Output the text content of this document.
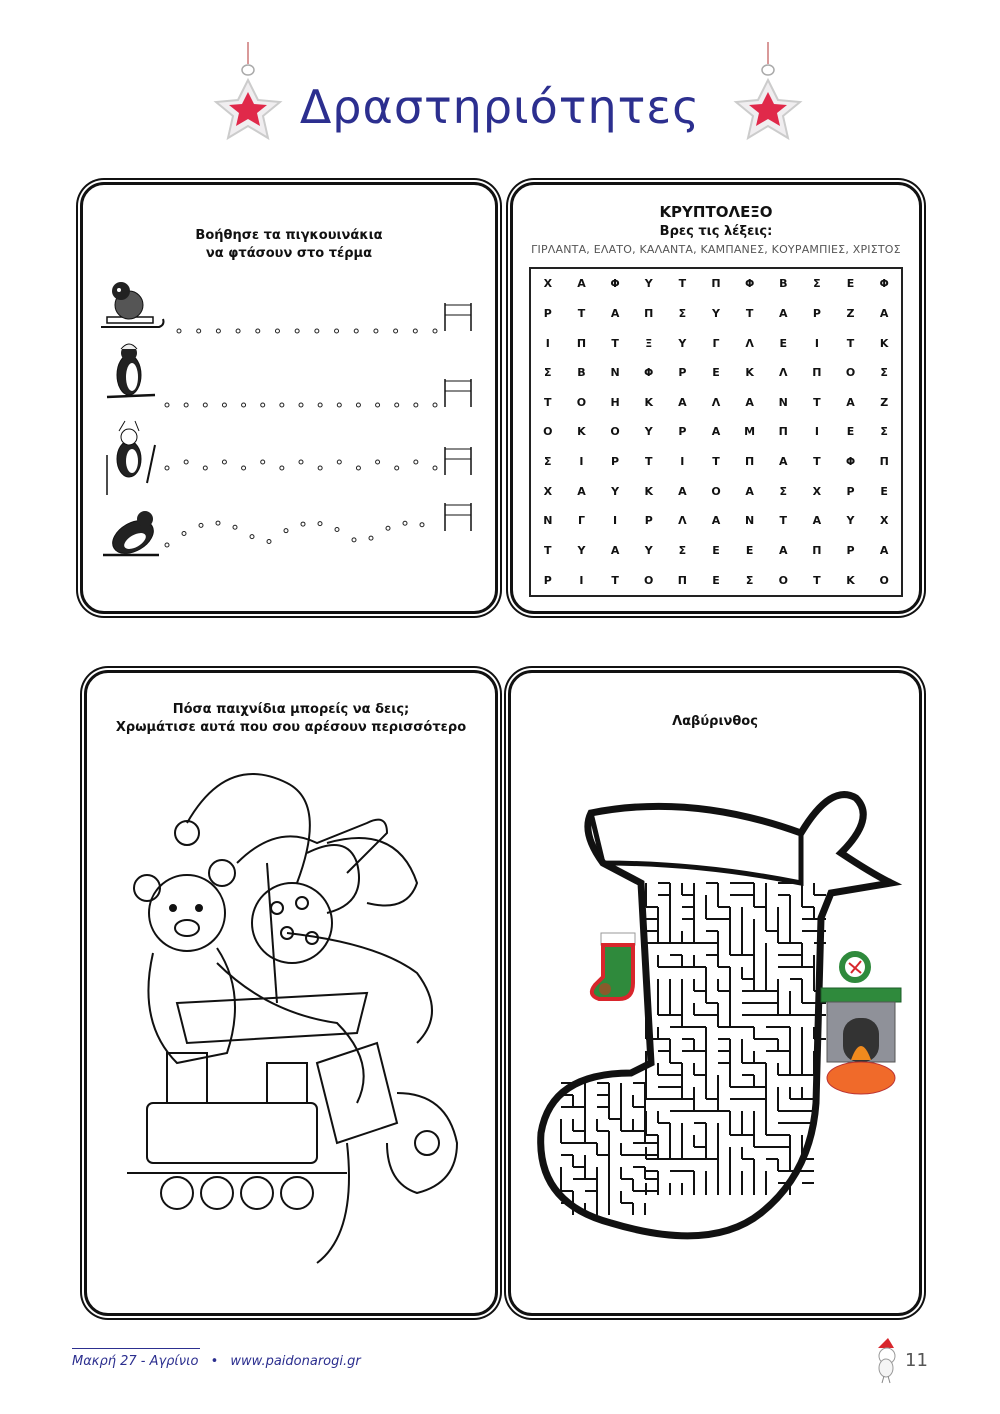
Δραστηριότητες
Βοήθησε τα πιγκουινάκια
να φτάσουν στο τέρμα
ΚΡΥΠΤΟΛΕΞΟ
Βρες τις λέξεις:
ΓΙΡΛΑΝΤΑ, ΕΛΑΤΟ, ΚΑΛΑΝΤΑ, ΚΑΜΠΑΝΕΣ, ΚΟΥΡΑΜΠΙΕΣ, ΧΡΙΣΤΟΣ
Χ	Α	Φ	Υ	Τ	Π	Φ	Β	Σ	Ε	Φ
Ρ	Τ	Α	Π	Σ	Υ	Τ	Α	Ρ	Ζ	Α
Ι	Π	Τ	Ξ	Υ	Γ	Λ	Ε	Ι	Τ	Κ
Σ	Β	Ν	Φ	Ρ	Ε	Κ	Λ	Π	Ο	Σ
Τ	Ο	Η	Κ	Α	Λ	Α	Ν	Τ	Α	Ζ
Ο	Κ	Ο	Υ	Ρ	Α	Μ	Π	Ι	Ε	Σ
Σ	Ι	Ρ	Τ	Ι	Τ	Π	Α	Τ	Φ	Π
Χ	Α	Υ	Κ	Α	Ο	Α	Σ	Χ	Ρ	Ε
Ν	Γ	Ι	Ρ	Λ	Α	Ν	Τ	Α	Υ	Χ
Τ	Υ	Α	Υ	Σ	Ε	Ε	Α	Π	Ρ	Α
Ρ	Ι	Τ	Ο	Π	Ε	Σ	Ο	Τ	Κ	Ο
Πόσα παιχνίδια μπορείς να δεις;
Χρωμάτισε αυτά που σου αρέσουν περισσότερο	Λαβύρινθος
Μακρή 27 - Αγρίνιο • www.paidonarogi.gr	11
